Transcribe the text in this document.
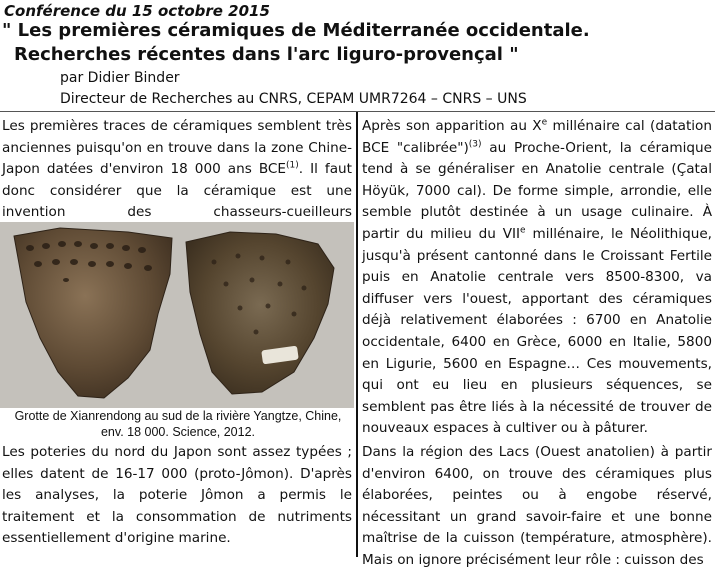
Conférence du 15 octobre 2015
" Les premières céramiques de Méditerranée occidentale.
Recherches récentes dans l'arc liguro-provençal "
par Didier Binder
Directeur de Recherches au CNRS, CEPAM UMR7264 – CNRS – UNS
Les premières traces de céramiques semblent très anciennes puisqu'on en trouve dans la zone Chine-Japon datées d'environ 18 000 ans BCE$^{(1)}$. Il faut donc considérer que la céramique est une invention des chasseurs-cueilleurs
Grotte de Xianrendong au sud de la rivière Yangtze, Chine,
env. 18 000. Science, 2012.
Les poteries du nord du Japon sont assez typées ; elles datent de 16-17 000 (proto-Jômon). D'après les analyses, la poterie Jômon a permis le traitement et la consommation de nutriments essentiellement d'origine marine.
Après son apparition au Xe millénaire cal (datation BCE "calibrée")$^{(3)}$ au Proche-Orient, la céramique tend à se généraliser en Anatolie centrale (Çatal Höyük, 7000 cal). De forme simple, arrondie, elle semble plutôt destinée à un usage culinaire. À partir du milieu du VIIe millénaire, le Néolithique, jusqu'à présent cantonné dans le Croissant Fertile puis en Anatolie centrale vers 8500-8300, va diffuser vers l'ouest, apportant des céramiques déjà relativement élaborées : 6700 en Anatolie occidentale, 6400 en Grèce, 6000 en Italie, 5800 en Ligurie, 5600 en Espagne… Ces mouvements, qui ont eu lieu en plusieurs séquences, se semblent pas être liés à la nécessité de trouver de nouveaux espaces à cultiver ou à pâturer.
Dans la région des Lacs (Ouest anatolien) à partir d'environ 6400, on trouve des céramiques plus élaborées, peintes ou à engobe réservé, nécessitant un grand savoir-faire et une bonne maîtrise de la cuisson (température, atmosphère). Mais on ignore précisément leur rôle : cuisson des
